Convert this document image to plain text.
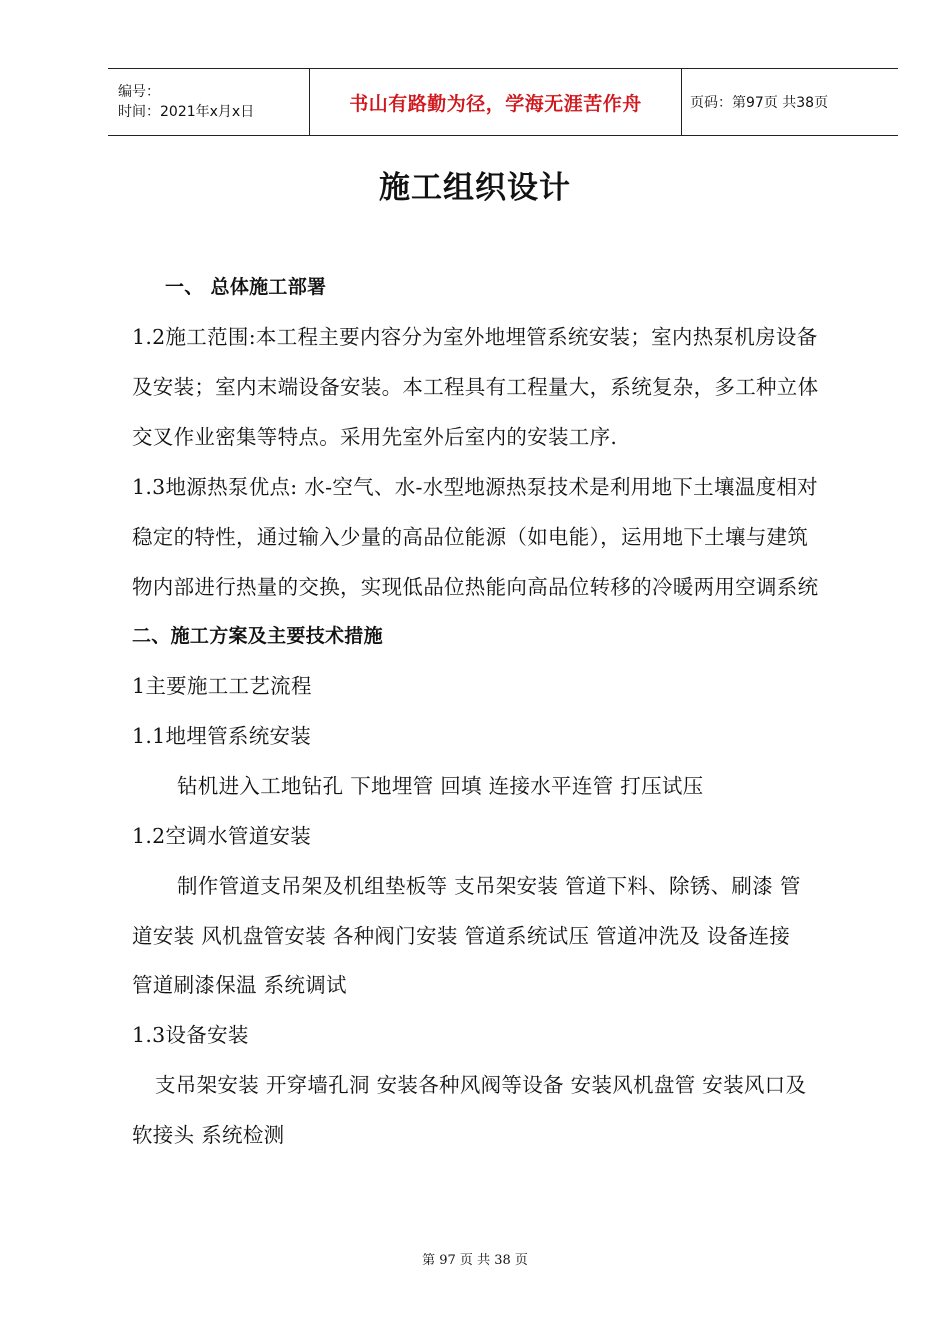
编号：
时间：2021年x月x日	书山有路勤为径，学海无涯苦作舟	页码：第97页 共38页
施工组织设计
一、 总体施工部署
1.2施工范围:本工程主要内容分为室外地埋管系统安装；室内热泵机房设备
及安装；室内末端设备安装。本工程具有工程量大，系统复杂，多工种立体
交叉作业密集等特点。采用先室外后室内的安装工序.
1.3地源热泵优点: 水-空气、水-水型地源热泵技术是利用地下土壤温度相对
稳定的特性，通过输入少量的高品位能源（如电能），运用地下土壤与建筑
物内部进行热量的交换，实现低品位热能向高品位转移的冷暖两用空调系统
二、施工方案及主要技术措施
1主要施工工艺流程
1.1地埋管系统安装
钻机进入工地钻孔 下地埋管 回填 连接水平连管 打压试压
1.2空调水管道安装
制作管道支吊架及机组垫板等 支吊架安装 管道下料、除锈、刷漆 管
道安装 风机盘管安装 各种阀门安装 管道系统试压 管道冲洗及 设备连接
管道刷漆保温 系统调试
1.3设备安装
支吊架安装 开穿墙孔洞 安装各种风阀等设备 安装风机盘管 安装风口及
软接头 系统检测
第 97 页 共 38 页
